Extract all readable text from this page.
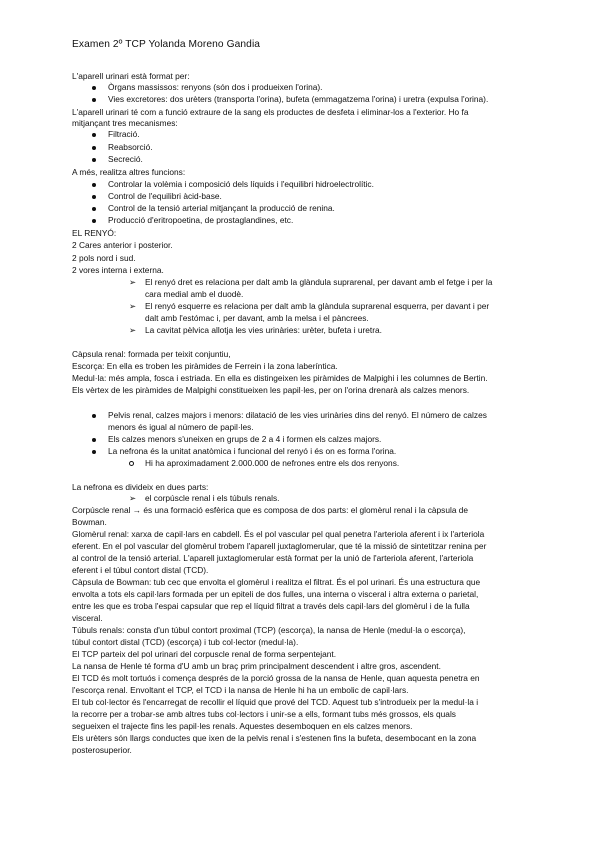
Examen 2º TCP Yolanda Moreno Gandia
L'aparell urinari està format per:
Òrgans massissos: renyons (són dos i produeixen l'orina).
Vies excretores: dos urèters (transporta l'orina), bufeta (emmagatzema l'orina) i uretra (expulsa l'orina).
L'aparell urinari té com a funció extraure de la sang els productes de desfeta i eliminar-los a l'exterior. Ho fa
mitjançant tres mecanismes:
Filtració.
Reabsorció.
Secreció.
A més, realitza altres funcions:
Controlar la volèmia i composició dels líquids i l'equilibri hidroelectrolític.
Control de l'equilibri àcid-base.
Control de la tensió arterial mitjançant la producció de renina.
Producció d'eritropoetina, de prostaglandines, etc.
EL RENYÓ:
2 Cares anterior i posterior.
2 pols nord i sud.
2 vores interna i externa.
➢ El renyó dret es relaciona per dalt amb la glàndula suprarenal, per davant amb el fetge i per la
cara medial amb el duodè.
➢ El renyó esquerre es relaciona per dalt amb la glàndula suprarenal esquerra, per davant i per
dalt amb l'estómac i, per davant, amb la melsa i el pàncrees.
➢ La cavitat pèlvica allotja les vies urinàries: urèter, bufeta i uretra.
Càpsula renal: formada per teixit conjuntiu,
Escorça: En ella es troben les piràmides de Ferrein i la zona laberíntica.
Medul·la: més ampla, fosca i estriada. En ella es distingeixen les piràmides de Malpighi i les columnes de Bertin.
Els vèrtex de les piràmides de Malpighi constitueixen les papil·les, per on l'orina drenarà als calzes menors.
Pelvis renal, calzes majors i menors: dilatació de les vies urinàries dins del renyó. El número de calzes
menors és igual al número de papil·les.
Els calzes menors s'uneixen en grups de 2 a 4 i formen els calzes majors.
La nefrona és la unitat anatòmica i funcional del renyó i és on es forma l'orina.
Hi ha aproximadament 2.000.000 de nefrones entre els dos renyons.
La nefrona es divideix en dues parts:
➢ el corpúscle renal i els túbuls renals.
Corpúscle renal → és una formació esfèrica que es composa de dos parts: el glomèrul renal i la càpsula de
Bowman.
Glomèrul renal: xarxa de capil·lars en cabdell. És el pol vascular pel qual penetra l'arteriola aferent i ix l'arteriola
eferent. En el pol vascular del glomèrul trobem l'aparell juxtaglomerular, que té la missió de sintetitzar renina per
al control de la tensió arterial. L'aparell juxtaglomerular està format per la unió de l'arteriola aferent, l'arteriola
eferent i el túbul contort distal (TCD).
Càpsula de Bowman: tub cec que envolta el glomèrul i realitza el filtrat. És el pol urinari. És una estructura que
envolta a tots els capil·lars formada per un epiteli de dos fulles, una interna o visceral i altra externa o parietal,
entre les que es troba l'espai capsular que rep el líquid filtrat a través dels capil·lars del glomèrul i de la fulla
visceral.
Túbuls renals: consta d'un túbul contort proximal (TCP) (escorça), la nansa de Henle (medul·la o escorça),
túbul contort distal (TCD) (escorça) i tub col·lector (medul·la).
El TCP parteix del pol urinari del corpuscle renal de forma serpentejant.
La nansa de Henle té forma d'U amb un braç prim principalment descendent i altre gros, ascendent.
El TCD és molt tortuós i comença després de la porció grossa de la nansa de Henle, quan aquesta penetra en
l'escorça renal. Envoltant el TCP, el TCD i la nansa de Henle hi ha un embolic de capil·lars.
El tub col·lector és l'encarregat de recollir el líquid que prové del TCD. Aquest tub s'introdueix per la medul·la i
la recorre per a trobar-se amb altres tubs col·lectors i unir-se a ells, formant tubs més grossos, els quals
segueixen el trajecte fins les papil·les renals. Aquestes desemboquen en els calzes menors.
Els urèters són llargs conductes que ixen de la pelvis renal i s'estenen fins la bufeta, desembocant en la zona
posterosuperior.
